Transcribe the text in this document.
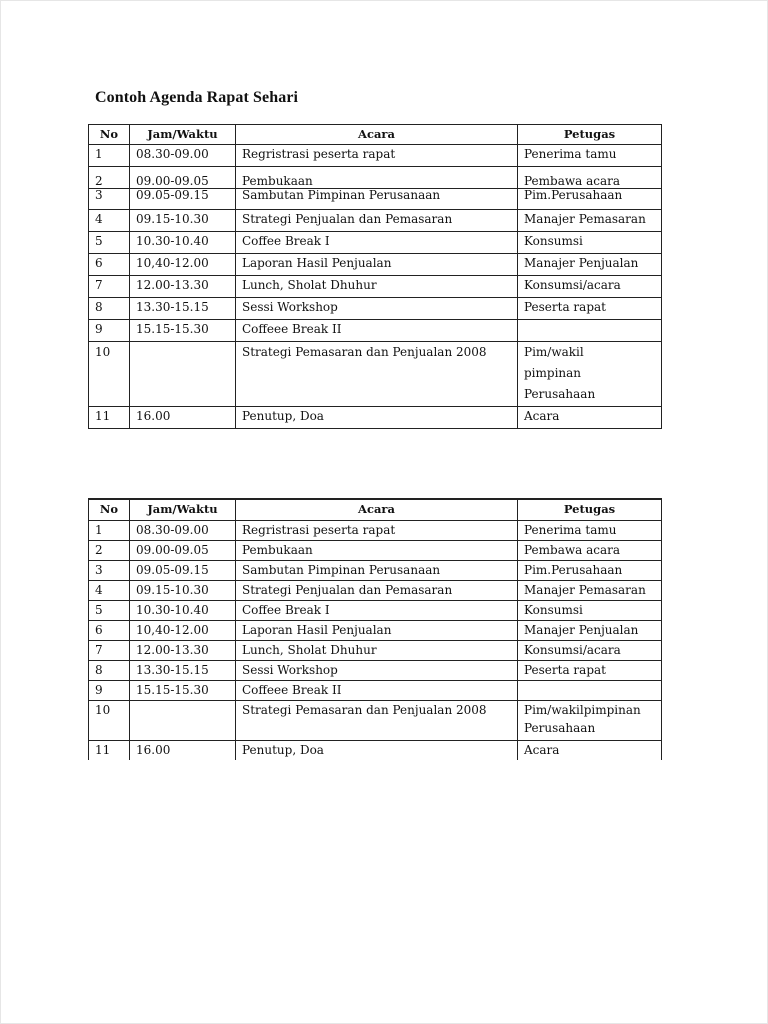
Contoh Agenda Rapat Sehari
No	Jam/Waktu	Acara	Petugas
1	08.30-09.00	Regristrasi peserta rapat	Penerima tamu

2	09.00-09.05	Pembukaan	Pembawa acara

3	09.05-09.15	Sambutan Pimpinan Perusanaan	Pim.Perusahaan

4	09.15-10.30	Strategi Penjualan dan Pemasaran	Manajer Pemasaran

5	10.30-10.40	Coffee Break I	Konsumsi

6	10,40-12.00	Laporan Hasil Penjualan	Manajer Penjualan

7	12.00-13.30	Lunch, Sholat Dhuhur	Konsumsi/acara

8	13.30-15.15	Sessi Workshop	Peserta rapat

9	15.15-15.30	Coffeee Break II	

10		Strategi Pemasaran dan Penjualan 2008	Pim/wakil
pimpinan
Perusahaan

11	16.00	Penutup, Doa	Acara
No	Jam/Waktu	Acara	Petugas
1	08.30-09.00	Regristrasi peserta rapat	Penerima tamu

2	09.00-09.05	Pembukaan	Pembawa acara

3	09.05-09.15	Sambutan Pimpinan Perusanaan	Pim.Perusahaan

4	09.15-10.30	Strategi Penjualan dan Pemasaran	Manajer Pemasaran

5	10.30-10.40	Coffee Break I	Konsumsi

6	10,40-12.00	Laporan Hasil Penjualan	Manajer Penjualan

7	12.00-13.30	Lunch, Sholat Dhuhur	Konsumsi/acara

8	13.30-15.15	Sessi Workshop	Peserta rapat

9	15.15-15.30	Coffeee Break II	

10		Strategi Pemasaran dan Penjualan 2008	Pim/wakilpimpinan
Perusahaan

11	16.00	Penutup, Doa	Acara
